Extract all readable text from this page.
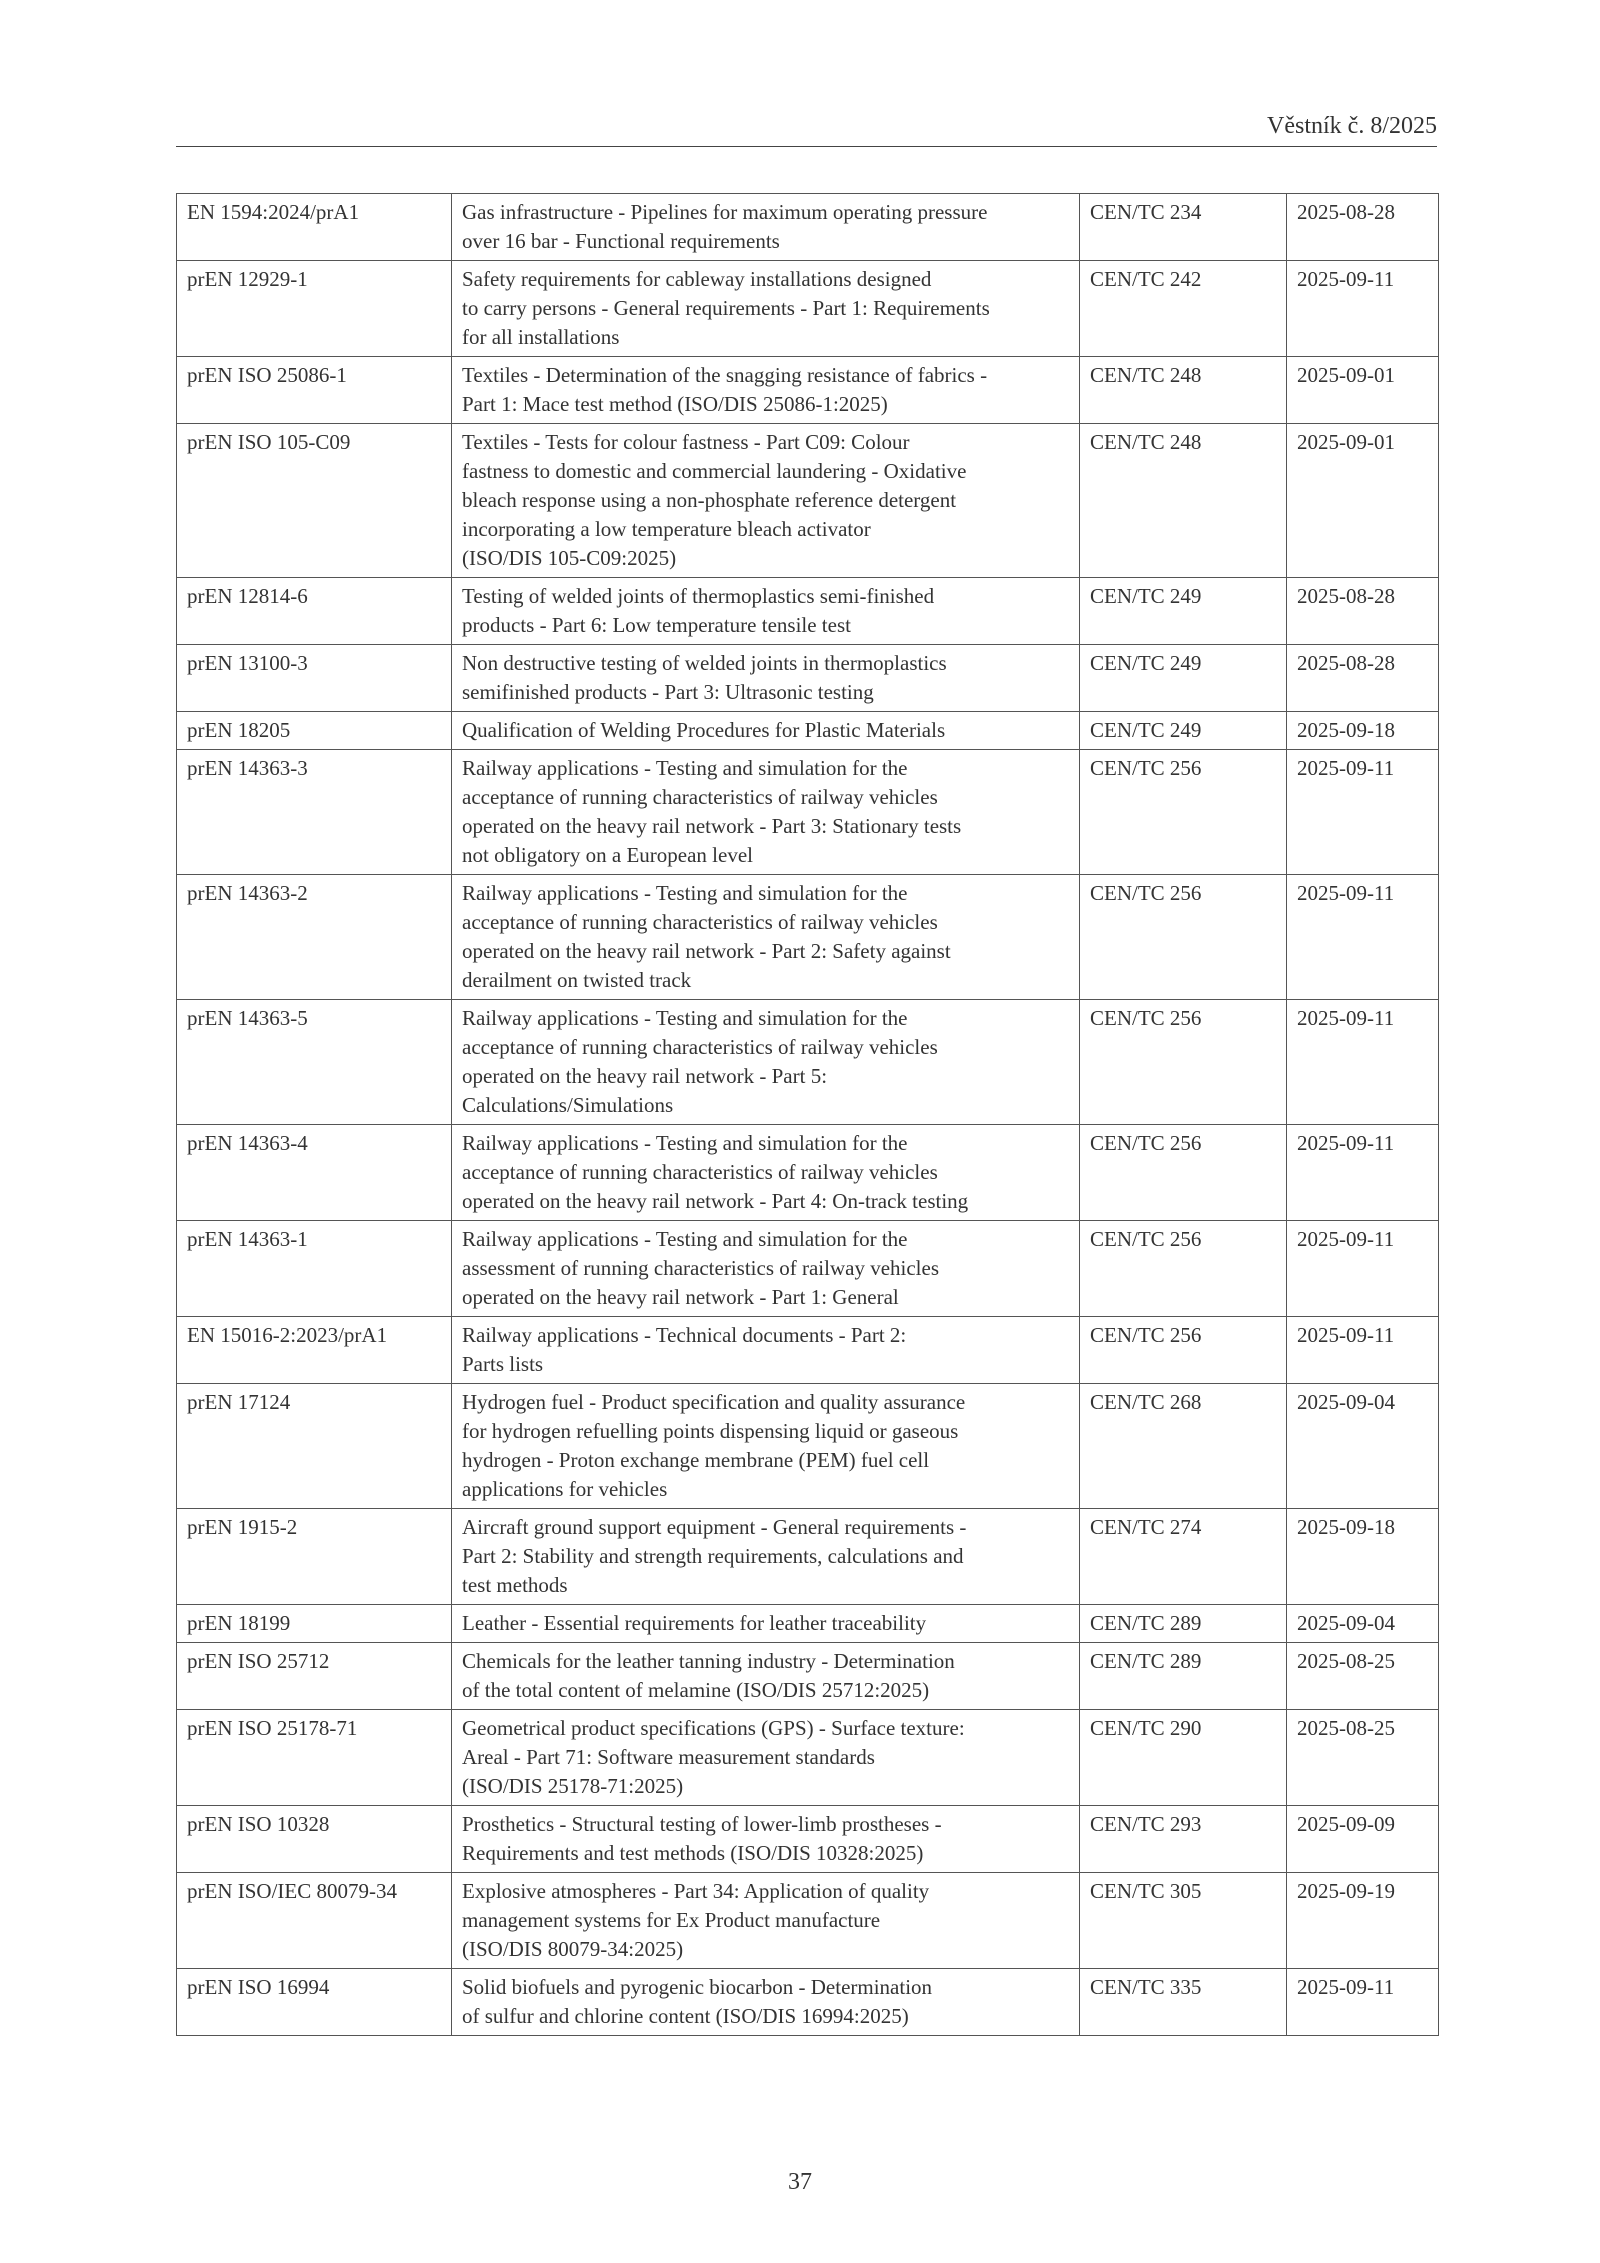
Věstník č. 8/2025
EN 1594:2024/prA1	Gas infrastructure - Pipelines for maximum operating pressure
over 16 bar - Functional requirements	CEN/TC 234	2025-08-28
prEN 12929-1	Safety requirements for cableway installations designed
to carry persons - General requirements - Part 1: Requirements
for all installations	CEN/TC 242	2025-09-11
prEN ISO 25086-1	Textiles - Determination of the snagging resistance of fabrics -
Part 1: Mace test method (ISO/DIS 25086-1:2025)	CEN/TC 248	2025-09-01
prEN ISO 105-C09	Textiles - Tests for colour fastness - Part C09: Colour
fastness to domestic and commercial laundering - Oxidative
bleach response using a non-phosphate reference detergent
incorporating a low temperature bleach activator
(ISO/DIS 105-C09:2025)	CEN/TC 248	2025-09-01
prEN 12814-6	Testing of welded joints of thermoplastics semi-finished
products - Part 6: Low temperature tensile test	CEN/TC 249	2025-08-28
prEN 13100-3	Non destructive testing of welded joints in thermoplastics
semifinished products - Part 3: Ultrasonic testing	CEN/TC 249	2025-08-28
prEN 18205	Qualification of Welding Procedures for Plastic Materials	CEN/TC 249	2025-09-18
prEN 14363-3	Railway applications - Testing and simulation for the
acceptance of running characteristics of railway vehicles
operated on the heavy rail network - Part 3: Stationary tests
not obligatory on a European level	CEN/TC 256	2025-09-11
prEN 14363-2	Railway applications - Testing and simulation for the
acceptance of running characteristics of railway vehicles
operated on the heavy rail network - Part 2: Safety against
derailment on twisted track	CEN/TC 256	2025-09-11
prEN 14363-5	Railway applications - Testing and simulation for the
acceptance of running characteristics of railway vehicles
operated on the heavy rail network - Part 5:
Calculations/Simulations	CEN/TC 256	2025-09-11
prEN 14363-4	Railway applications - Testing and simulation for the
acceptance of running characteristics of railway vehicles
operated on the heavy rail network - Part 4: On-track testing	CEN/TC 256	2025-09-11
prEN 14363-1	Railway applications - Testing and simulation for the
assessment of running characteristics of railway vehicles
operated on the heavy rail network - Part 1: General	CEN/TC 256	2025-09-11
EN 15016-2:2023/prA1	Railway applications - Technical documents - Part 2:
Parts lists	CEN/TC 256	2025-09-11
prEN 17124	Hydrogen fuel - Product specification and quality assurance
for hydrogen refuelling points dispensing liquid or gaseous
hydrogen - Proton exchange membrane (PEM) fuel cell
applications for vehicles	CEN/TC 268	2025-09-04
prEN 1915-2	Aircraft ground support equipment - General requirements -
Part 2: Stability and strength requirements, calculations and
test methods	CEN/TC 274	2025-09-18
prEN 18199	Leather - Essential requirements for leather traceability	CEN/TC 289	2025-09-04
prEN ISO 25712	Chemicals for the leather tanning industry - Determination
of the total content of melamine (ISO/DIS 25712:2025)	CEN/TC 289	2025-08-25
prEN ISO 25178-71	Geometrical product specifications (GPS) - Surface texture:
Areal - Part 71: Software measurement standards
(ISO/DIS 25178-71:2025)	CEN/TC 290	2025-08-25
prEN ISO 10328	Prosthetics - Structural testing of lower-limb prostheses -
Requirements and test methods (ISO/DIS 10328:2025)	CEN/TC 293	2025-09-09
prEN ISO/IEC 80079-34	Explosive atmospheres - Part 34: Application of quality
management systems for Ex Product manufacture
(ISO/DIS 80079-34:2025)	CEN/TC 305	2025-09-19
prEN ISO 16994	Solid biofuels and pyrogenic biocarbon - Determination
of sulfur and chlorine content (ISO/DIS 16994:2025)	CEN/TC 335	2025-09-11
37
